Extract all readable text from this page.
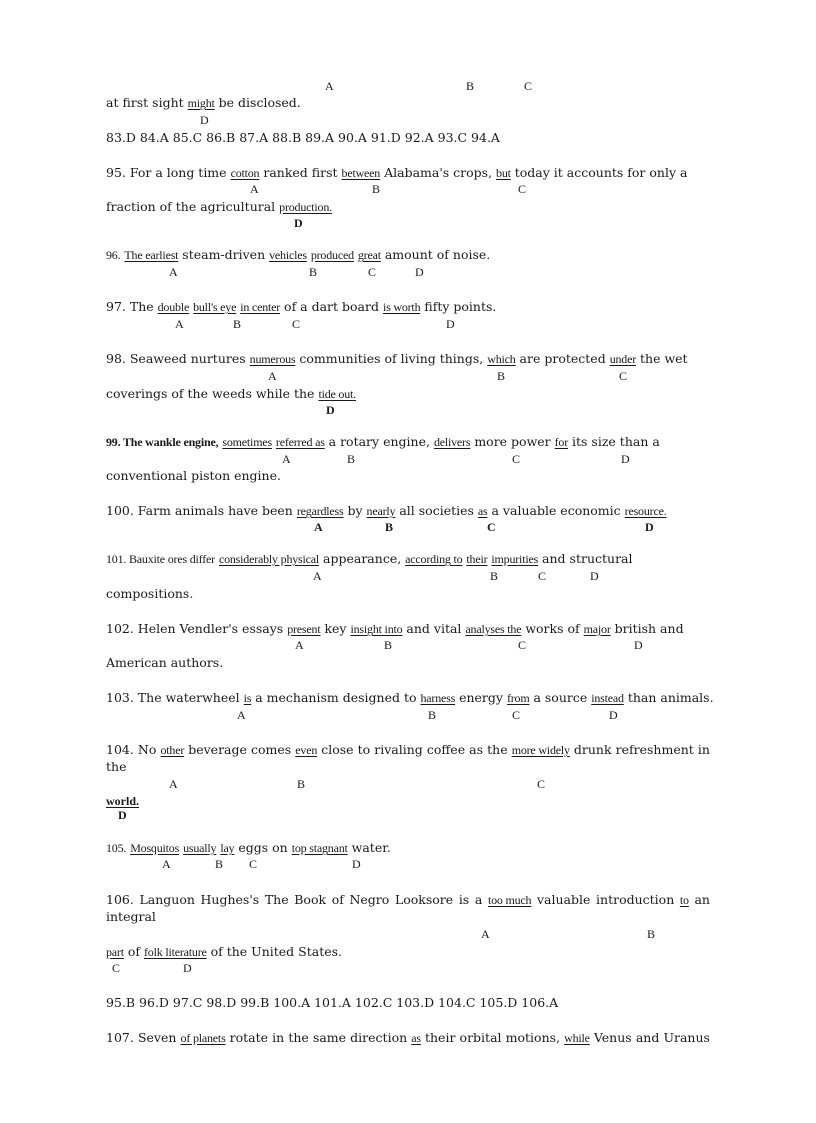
A	B	C
at first sight might be disclosed.
D
83.D 84.A 85.C 86.B 87.A 88.B 89.A 90.A 91.D 92.A 93.C 94.A
95. For a long time cotton ranked first between Alabama's crops, but today it accounts for only a
A	B	C
fraction of the agricultural production.
D
96. The earliest steam-driven vehicles produced great amount of noise.
A	B	C	D
97. The double bull's eye in center of a dart board is worth fifty points.
A	B	C	D
98. Seaweed nurtures numerous communities of living things, which are protected under the wet
A	B	C
coverings of the weeds while the tide out.
D
99. The wankle engine, sometimes referred as a rotary engine, delivers more power for its size than a
A	B	C	D
conventional piston engine.
100. Farm animals have been regardless by nearly all societies as a valuable economic resource.
A	B	C	D
101. Bauxite ores differ considerably physical appearance, according to their impurities and structural
A	B	C	D
compositions.
102. Helen Vendler's essays present key insight into and vital analyses the works of major british and
A	B	C	D
American authors.
103. The waterwheel is a mechanism designed to harness energy from a source instead than animals.
A	B	C	D
104. No other beverage comes even close to rivaling coffee as the more widely drunk refreshment in
the
A	B	C
world.
D
105. Mosquitos usually lay eggs on top stagnant water.
A	B C	D
106. Languon Hughes's The Book of Negro Looksore is a too much valuable introduction to an
integral
A	B
part of folk literature of the United States.
C	D
95.B 96.D 97.C 98.D 99.B 100.A 101.A 102.C 103.D 104.C 105.D 106.A
107. Seven of planets rotate in the same direction as their orbital motions, while Venus and Uranus
